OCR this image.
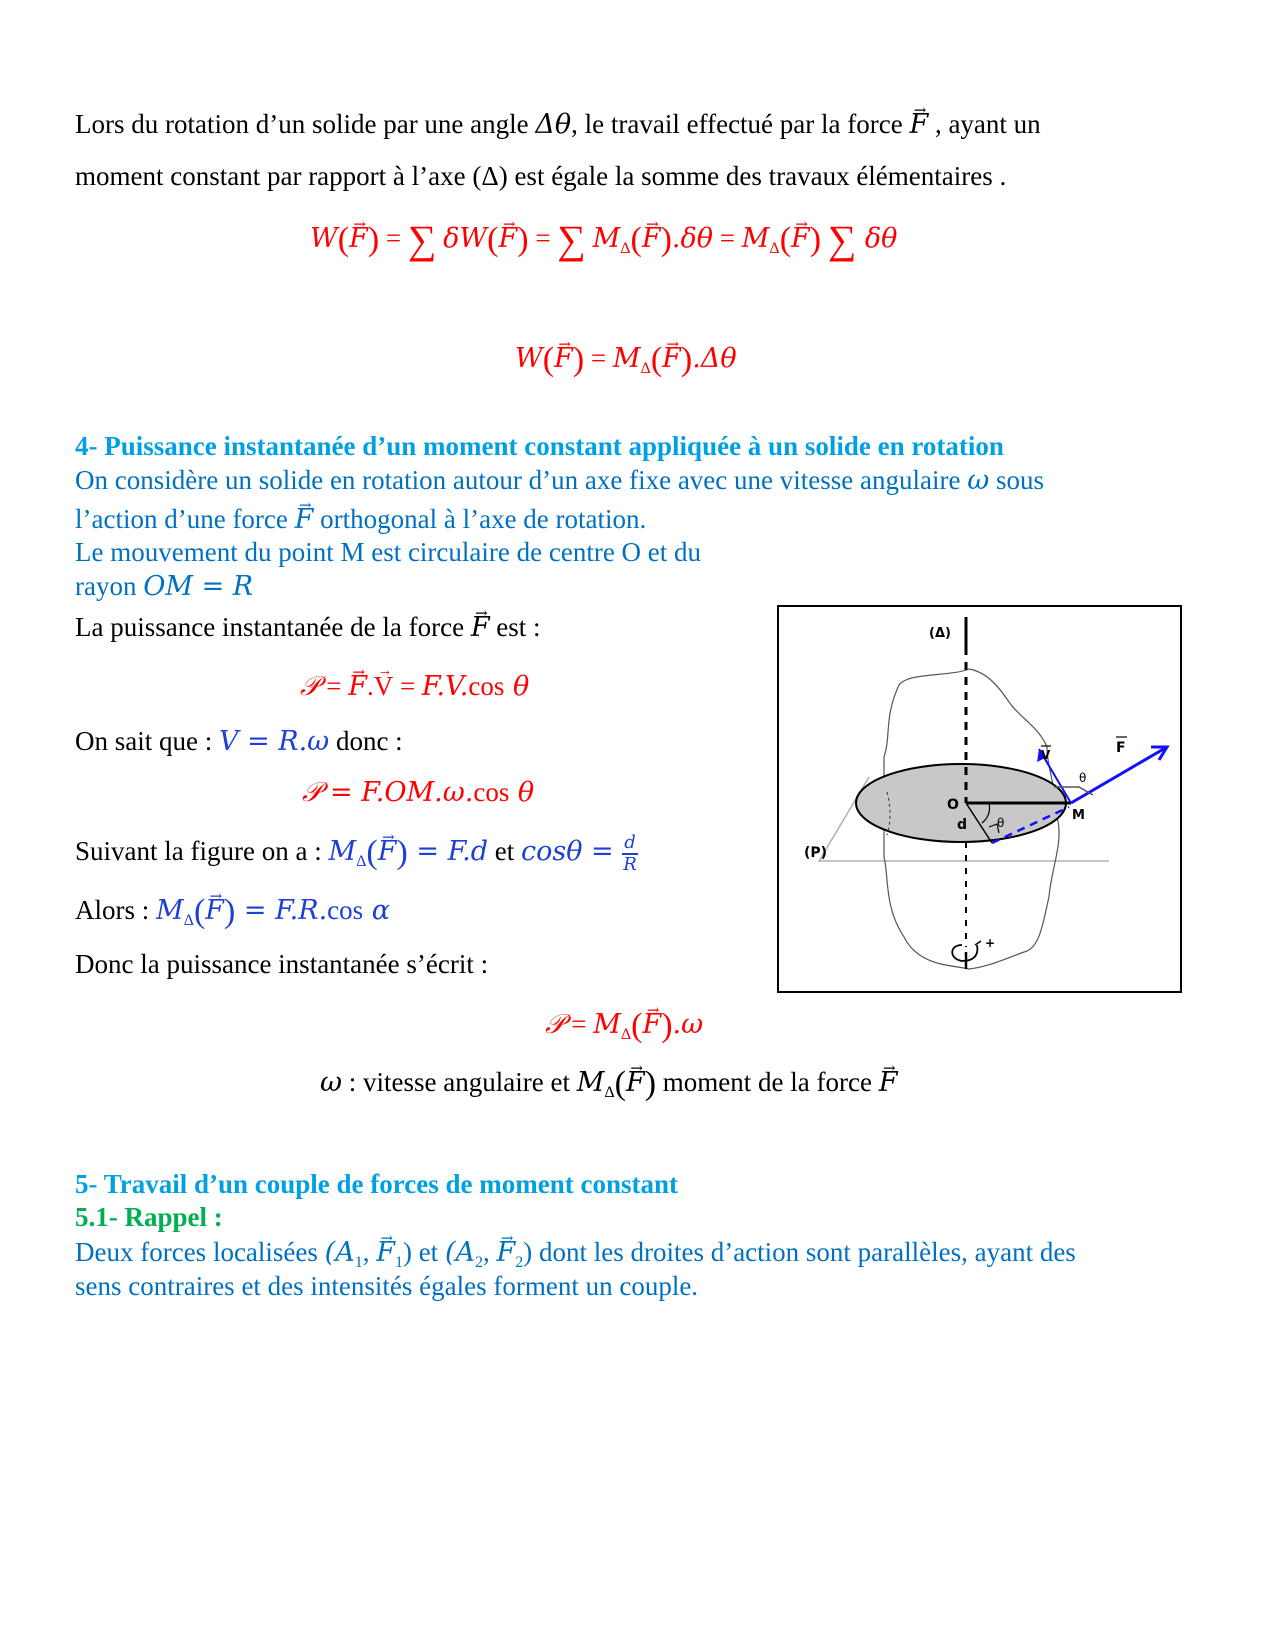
Lors du rotation d’un solide par une angle Δθ, le travail effectué par la force → F , ayant un
moment constant par rapport à l’axe (Δ) est égale la somme des travaux élémentaires .
W(→ F) = ∑ δW(→ F) = ∑ $M_\Delta(\to F).\delta\theta = M_\Delta(\to F)$ ∑ δθ
$W(\to F) = M_\Delta(\to F).\Delta\theta$
4- Puissance instantanée d’un moment constant appliquée à un solide en rotation
On considère un solide en rotation autour d’un axe fixe avec une vitesse angulaire ω sous
l’action d’une force → F orthogonal à l’axe de rotation.
Le mouvement du point M est circulaire de centre O et du
rayon OM = R
La puissance instantanée de la force → F est :
𝒫 = → F.→ V = F.V.cos θ
On sait que : V = R.ω donc :
𝒫 = F.OM.ω.cos θ
Suivant la figure on a : $M_\Delta(\to F) = F.d$ et $\cos\theta = \frac{d}{R}$
Alors : $M_\Delta(\to F) = F.R.\cos$ α
Donc la puissance instantanée s’écrit :
𝒫 = $M_\Delta(\to F).\omega$
ω : vitesse angulaire et $M_\Delta(\to F)$ moment de la force → F
+
(Δ)
(P)
O
d θ
θ
M
V	F
5- Travail d’un couple de forces de moment constant
5.1- Rappel :
Deux forces localisées ($A_1$, → $F_1$) et ($A_2$, → $F_2$) dont les droites d’action sont parallèles, ayant des
sens contraires et des intensités égales forment un couple.
